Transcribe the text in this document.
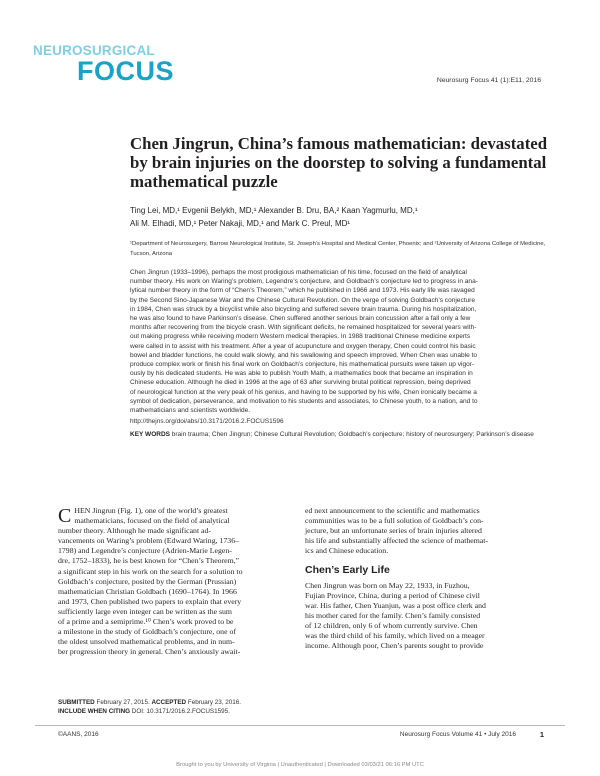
NEUROSURGICAL
FOCUS	Neurosurg Focus 41 (1):E11, 2016
Chen Jingrun, China’s famous mathematician: devastated by brain injuries on the doorstep to solving a fundamental mathematical puzzle
Ting Lei, MD,¹ Evgenii Belykh, MD,¹ Alexander B. Dru, BA,² Kaan Yagmurlu, MD,¹
Ali M. Elhadi, MD,¹ Peter Nakaji, MD,¹ and Mark C. Preul, MD¹
¹Department of Neurosurgery, Barrow Neurological Institute, St. Joseph’s Hospital and Medical Center, Phoenix; and ²University of Arizona College of Medicine, Tucson, Arizona
Chen Jingrun (1933–1996), perhaps the most prodigious mathematician of his time, focused on the field of analytical
number theory. His work on Waring’s problem, Legendre’s conjecture, and Goldbach’s conjecture led to progress in ana-
lytical number theory in the form of “Chen’s Theorem,” which he published in 1966 and 1973. His early life was ravaged
by the Second Sino-Japanese War and the Chinese Cultural Revolution. On the verge of solving Goldbach’s conjecture
in 1984, Chen was struck by a bicyclist while also bicycling and suffered severe brain trauma. During his hospitalization,
he was also found to have Parkinson’s disease. Chen suffered another serious brain concussion after a fall only a few
months after recovering from the bicycle crash. With significant deficits, he remained hospitalized for several years with-
out making progress while receiving modern Western medical therapies. In 1988 traditional Chinese medicine experts
were called in to assist with his treatment. After a year of acupuncture and oxygen therapy, Chen could control his basic
bowel and bladder functions, he could walk slowly, and his swallowing and speech improved. When Chen was unable to
produce complex work or finish his final work on Goldbach’s conjecture, his mathematical pursuits were taken up vigor-
ously by his dedicated students. He was able to publish Youth Math, a mathematics book that became an inspiration in
Chinese education. Although he died in 1996 at the age of 63 after surviving brutal political repression, being deprived
of neurological function at the very peak of his genius, and having to be supported by his wife, Chen ironically became a
symbol of dedication, perseverance, and motivation to his students and associates, to Chinese youth, to a nation, and to
mathematicians and scientists worldwide.
http://thejns.org/doi/abs/10.3171/2016.2.FOCUS1596
KEY WORDS brain trauma; Chen Jingrun; Chinese Cultural Revolution; Goldbach’s conjecture; history of neurosurgery; Parkinson’s disease
CHEN Jingrun (Fig. 1), one of the world’s greatest
mathematicians, focused on the field of analytical
number theory. Although he made significant ad-
vancements on Waring’s problem (Edward Waring, 1736–
1798) and Legendre’s conjecture (Adrien-Marie Legen-
dre, 1752–1833), he is best known for “Chen’s Theorem,”
a significant step in his work on the search for a solution to
Goldbach’s conjecture, posited by the German (Prussian)
mathematician Christian Goldbach (1690–1764). In 1966
and 1973, Chen published two papers to explain that every
sufficiently large even integer can be written as the sum
of a prime and a semiprime.¹⁰ Chen’s work proved to be
a milestone in the study of Goldbach’s conjecture, one of
the oldest unsolved mathematical problems, and in num-
ber progression theory in general. Chen’s anxiously await-
ed next announcement to the scientific and mathematics
communities was to be a full solution of Goldbach’s con-
jecture, but an unfortunate series of brain injuries altered
his life and substantially affected the science of mathemat-
ics and Chinese education.
Chen’s Early Life
Chen Jingrun was born on May 22, 1933, in Fuzhou,
Fujian Province, China, during a period of Chinese civil
war. His father, Chen Yuanjun, was a post office clerk and
his mother cared for the family. Chen’s family consisted
of 12 children, only 6 of whom currently survive. Chen
was the third child of his family, which lived on a meager
income. Although poor, Chen’s parents sought to provide
SUBMITTED February 27, 2015. ACCEPTED February 23, 2016.
INCLUDE WHEN CITING DOI: 10.3171/2016.2.FOCUS1595.
©AANS, 2016	Neurosurg Focus Volume 41 • July 2016	1
Brought to you by University of Virginia | Unauthenticated | Downloaded 03/03/21 06:16 PM UTC
